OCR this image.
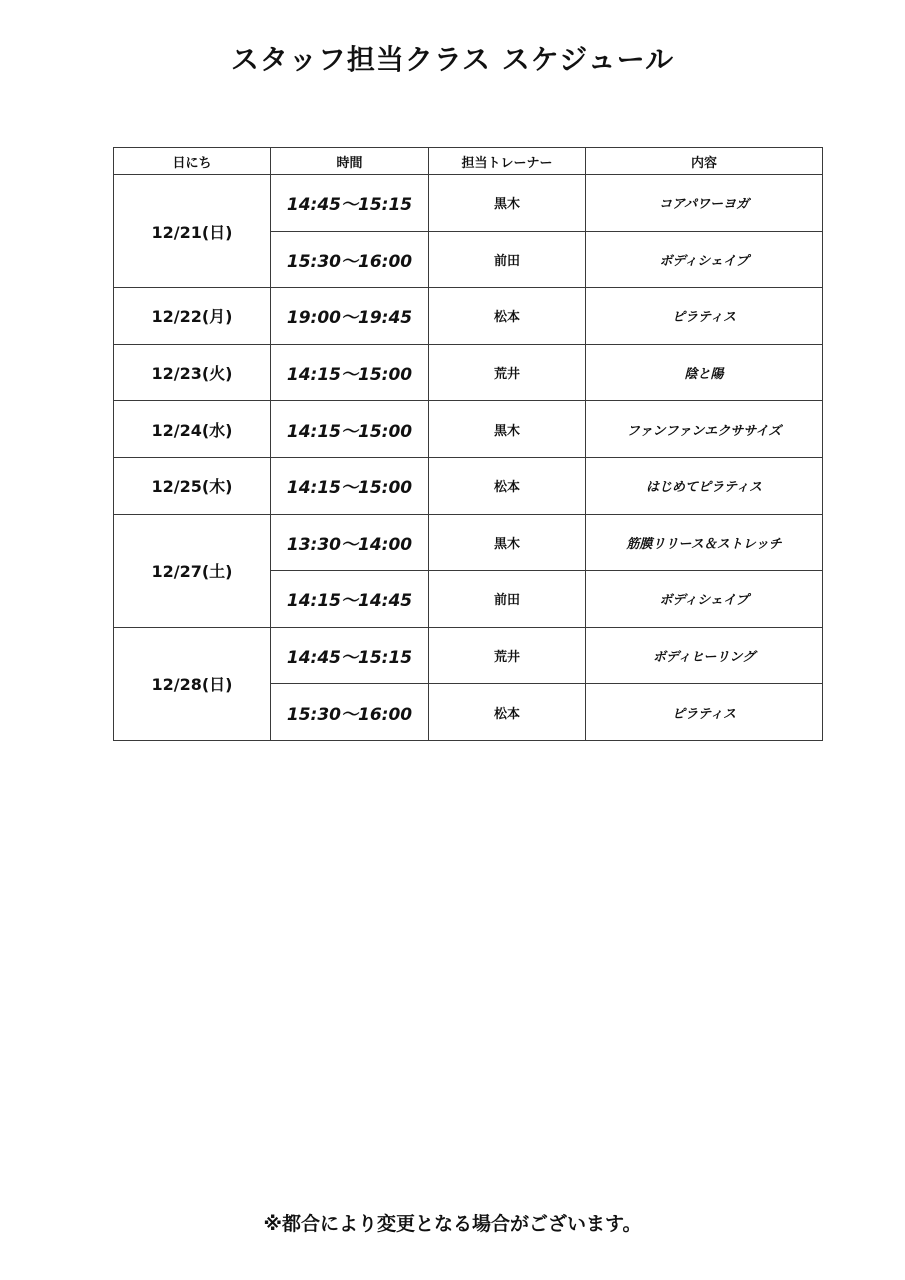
スタッフ担当クラス スケジュール
日にち	時間	担当トレーナー	内容
12/21(日)	14:45～15:15	黒木	コアパワーヨガ
	15:30～16:00	前田	ボディシェイプ
12/22(月)	19:00～19:45	松本	ピラティス
12/23(火)	14:15～15:00	荒井	陰と陽
12/24(水)	14:15～15:00	黒木	ファンファンエクササイズ
12/25(木)	14:15～15:00	松本	はじめてピラティス
12/27(土)	13:30～14:00	黒木	筋膜リリース＆ストレッチ
	14:15～14:45	前田	ボディシェイプ
12/28(日)	14:45～15:15	荒井	ボディヒーリング
	15:30～16:00	松本	ピラティス
※都合により変更となる場合がございます。
